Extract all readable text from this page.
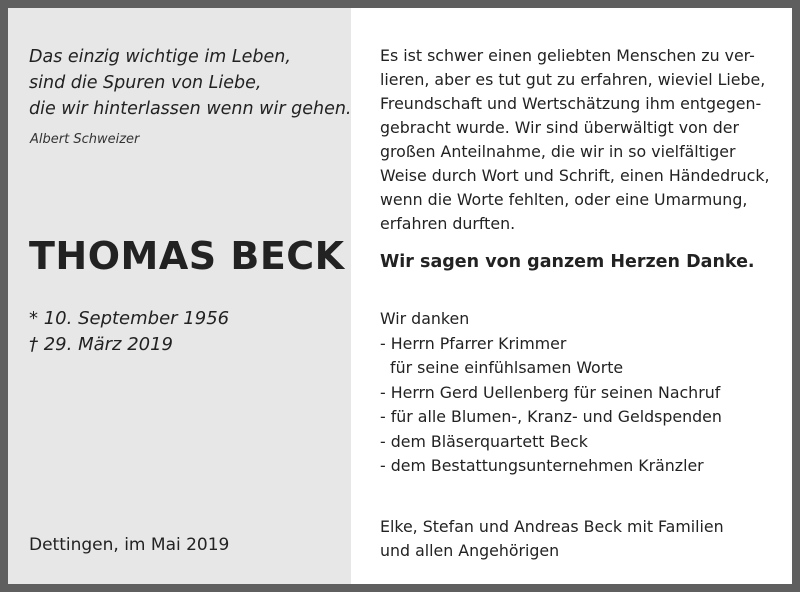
Das einzig wichtige im Leben,
sind die Spuren von Liebe,
die wir hinterlassen wenn wir gehen.
Albert Schweizer
THOMAS BECK
* 10. September 1956
† 29. März 2019
Dettingen, im Mai 2019
Es ist schwer einen geliebten Menschen zu ver-
lieren, aber es tut gut zu erfahren, wieviel Liebe,
Freundschaft und Wertschätzung ihm entgegen-
gebracht wurde. Wir sind überwältigt von der
großen Anteilnahme, die wir in so vielfältiger
Weise durch Wort und Schrift, einen Händedruck,
wenn die Worte fehlten, oder eine Umarmung,
erfahren durften.
Wir sagen von ganzem Herzen Danke.
Wir danken
- Herrn Pfarrer Krimmer
für seine einfühlsamen Worte
- Herrn Gerd Uellenberg für seinen Nachruf
- für alle Blumen-, Kranz- und Geldspenden
- dem Bläserquartett Beck
- dem Bestattungsunternehmen Kränzler
Elke, Stefan und Andreas Beck mit Familien
und allen Angehörigen
